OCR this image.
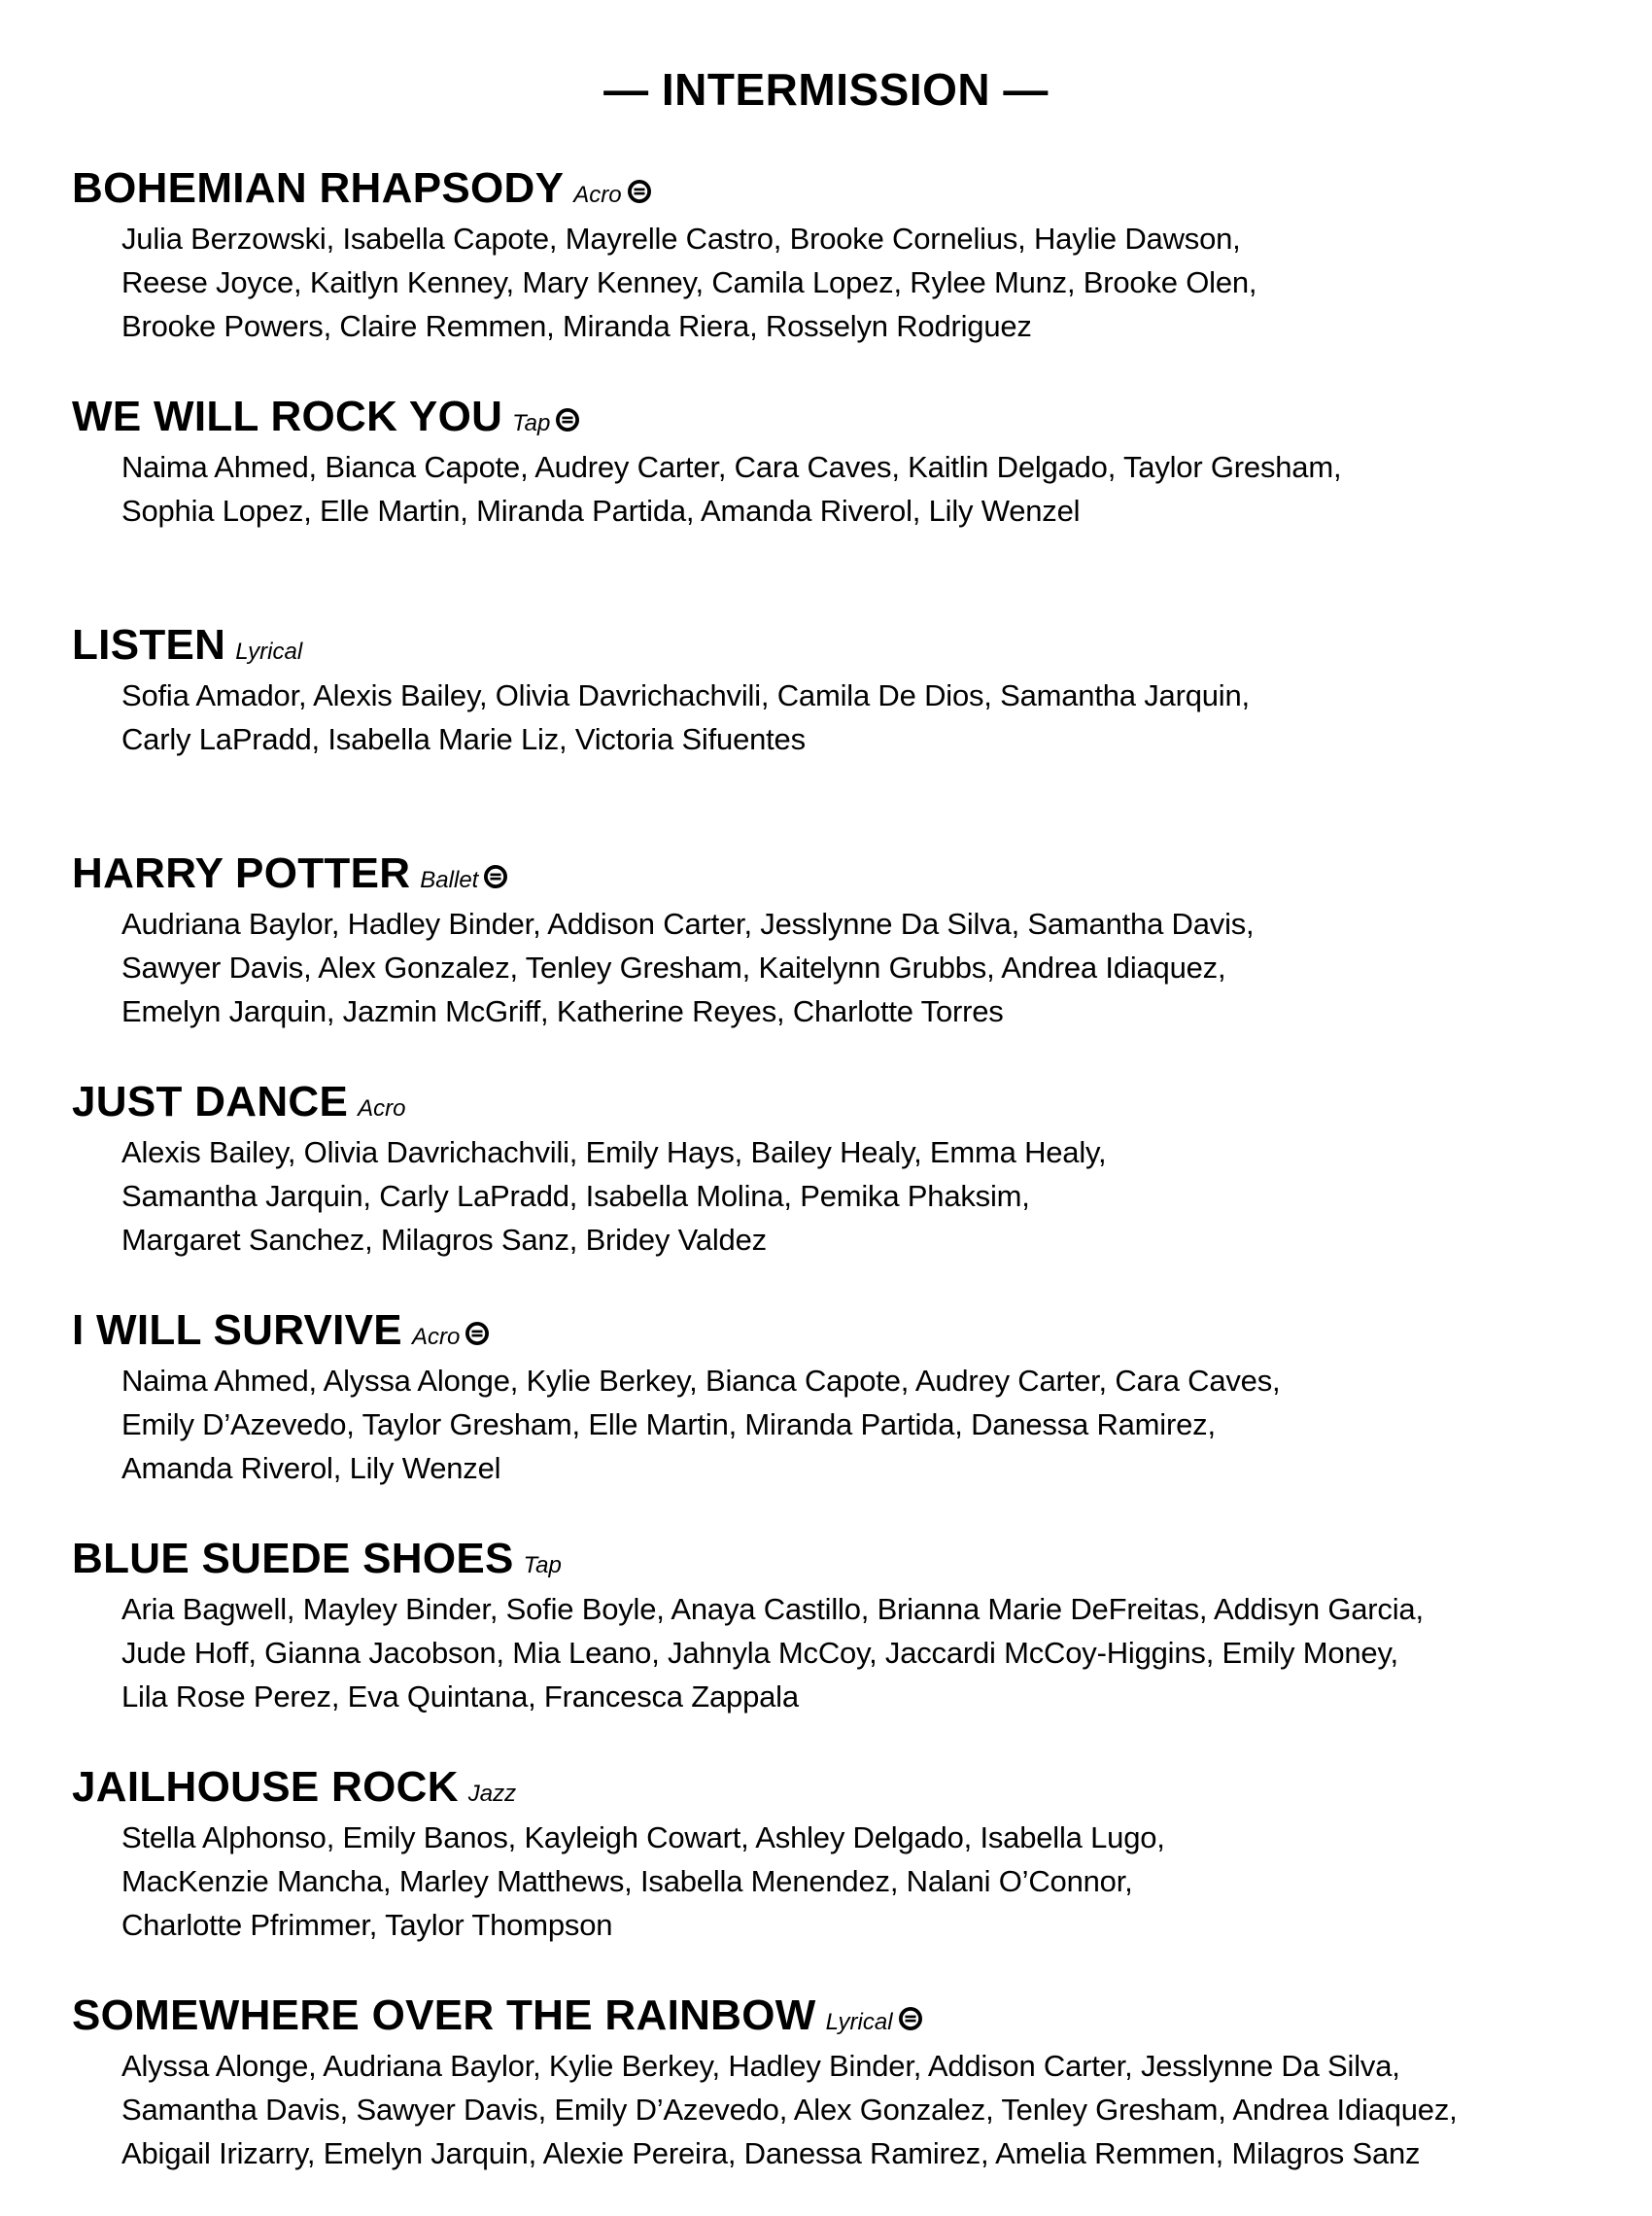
— INTERMISSION —
BOHEMIAN RHAPSODY Acro
Julia Berzowski, Isabella Capote, Mayrelle Castro, Brooke Cornelius, Haylie Dawson,
Reese Joyce, Kaitlyn Kenney, Mary Kenney, Camila Lopez, Rylee Munz, Brooke Olen,
Brooke Powers, Claire Remmen, Miranda Riera, Rosselyn Rodriguez
WE WILL ROCK YOU Tap
Naima Ahmed, Bianca Capote, Audrey Carter, Cara Caves, Kaitlin Delgado, Taylor Gresham,
Sophia Lopez, Elle Martin, Miranda Partida, Amanda Riverol, Lily Wenzel
LISTEN Lyrical
Sofia Amador, Alexis Bailey, Olivia Davrichachvili, Camila De Dios, Samantha Jarquin,
Carly LaPradd, Isabella Marie Liz, Victoria Sifuentes
HARRY POTTER Ballet
Audriana Baylor, Hadley Binder, Addison Carter, Jesslynne Da Silva, Samantha Davis,
Sawyer Davis, Alex Gonzalez, Tenley Gresham, Kaitelynn Grubbs, Andrea Idiaquez,
Emelyn Jarquin, Jazmin McGriff, Katherine Reyes, Charlotte Torres
JUST DANCE Acro
Alexis Bailey, Olivia Davrichachvili, Emily Hays, Bailey Healy, Emma Healy,
Samantha Jarquin, Carly LaPradd, Isabella Molina, Pemika Phaksim,
Margaret Sanchez, Milagros Sanz, Bridey Valdez
I WILL SURVIVE Acro
Naima Ahmed, Alyssa Alonge, Kylie Berkey, Bianca Capote, Audrey Carter, Cara Caves,
Emily D’Azevedo, Taylor Gresham, Elle Martin, Miranda Partida, Danessa Ramirez,
Amanda Riverol, Lily Wenzel
BLUE SUEDE SHOES Tap
Aria Bagwell, Mayley Binder, Sofie Boyle, Anaya Castillo, Brianna Marie DeFreitas, Addisyn Garcia,
Jude Hoff, Gianna Jacobson, Mia Leano, Jahnyla McCoy, Jaccardi McCoy-Higgins, Emily Money,
Lila Rose Perez, Eva Quintana, Francesca Zappala
JAILHOUSE ROCK Jazz
Stella Alphonso, Emily Banos, Kayleigh Cowart, Ashley Delgado, Isabella Lugo,
MacKenzie Mancha, Marley Matthews, Isabella Menendez, Nalani O’Connor,
Charlotte Pfrimmer, Taylor Thompson
SOMEWHERE OVER THE RAINBOW Lyrical
Alyssa Alonge, Audriana Baylor, Kylie Berkey, Hadley Binder, Addison Carter, Jesslynne Da Silva,
Samantha Davis, Sawyer Davis, Emily D’Azevedo, Alex Gonzalez, Tenley Gresham, Andrea Idiaquez,
Abigail Irizarry, Emelyn Jarquin, Alexie Pereira, Danessa Ramirez, Amelia Remmen, Milagros Sanz
